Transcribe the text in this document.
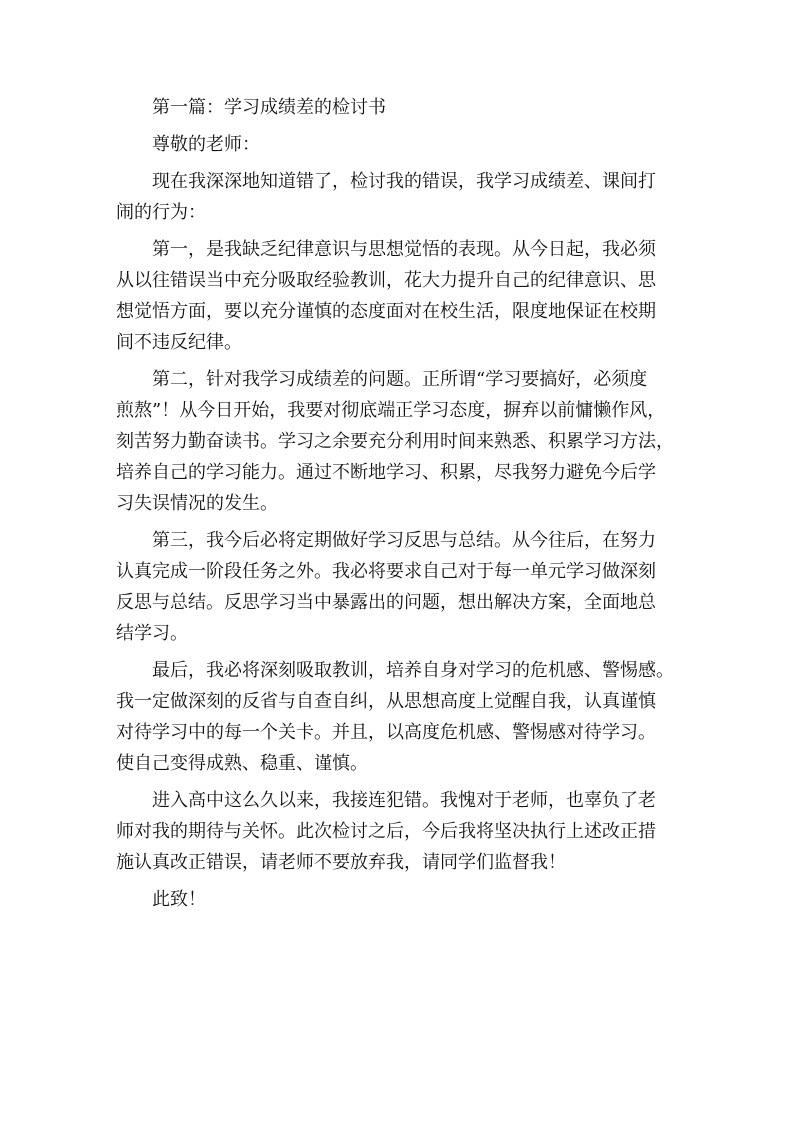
第一篇：学习成绩差的检讨书
尊敬的老师：
现在我深深地知道错了，检讨我的错误，我学习成绩差、课间打
闹的行为：
第一，是我缺乏纪律意识与思想觉悟的表现。从今日起，我必须
从以往错误当中充分吸取经验教训，花大力提升自己的纪律意识、思
想觉悟方面，要以充分谨慎的态度面对在校生活，限度地保证在校期
间不违反纪律。
第二，针对我学习成绩差的问题。正所谓“学习要搞好，必须度
煎熬”！从今日开始，我要对彻底端正学习态度，摒弃以前慵懒作风，
刻苦努力勤奋读书。学习之余要充分利用时间来熟悉、积累学习方法，
培养自己的学习能力。通过不断地学习、积累，尽我努力避免今后学
习失误情况的发生。
第三，我今后必将定期做好学习反思与总结。从今往后，在努力
认真完成一阶段任务之外。我必将要求自己对于每一单元学习做深刻
反思与总结。反思学习当中暴露出的问题，想出解决方案，全面地总
结学习。
最后，我必将深刻吸取教训，培养自身对学习的危机感、警惕感。
我一定做深刻的反省与自查自纠，从思想高度上觉醒自我，认真谨慎
对待学习中的每一个关卡。并且，以高度危机感、警惕感对待学习。
使自己变得成熟、稳重、谨慎。
进入高中这么久以来，我接连犯错。我愧对于老师，也辜负了老
师对我的期待与关怀。此次检讨之后，今后我将坚决执行上述改正措
施认真改正错误，请老师不要放弃我，请同学们监督我！
此致！
